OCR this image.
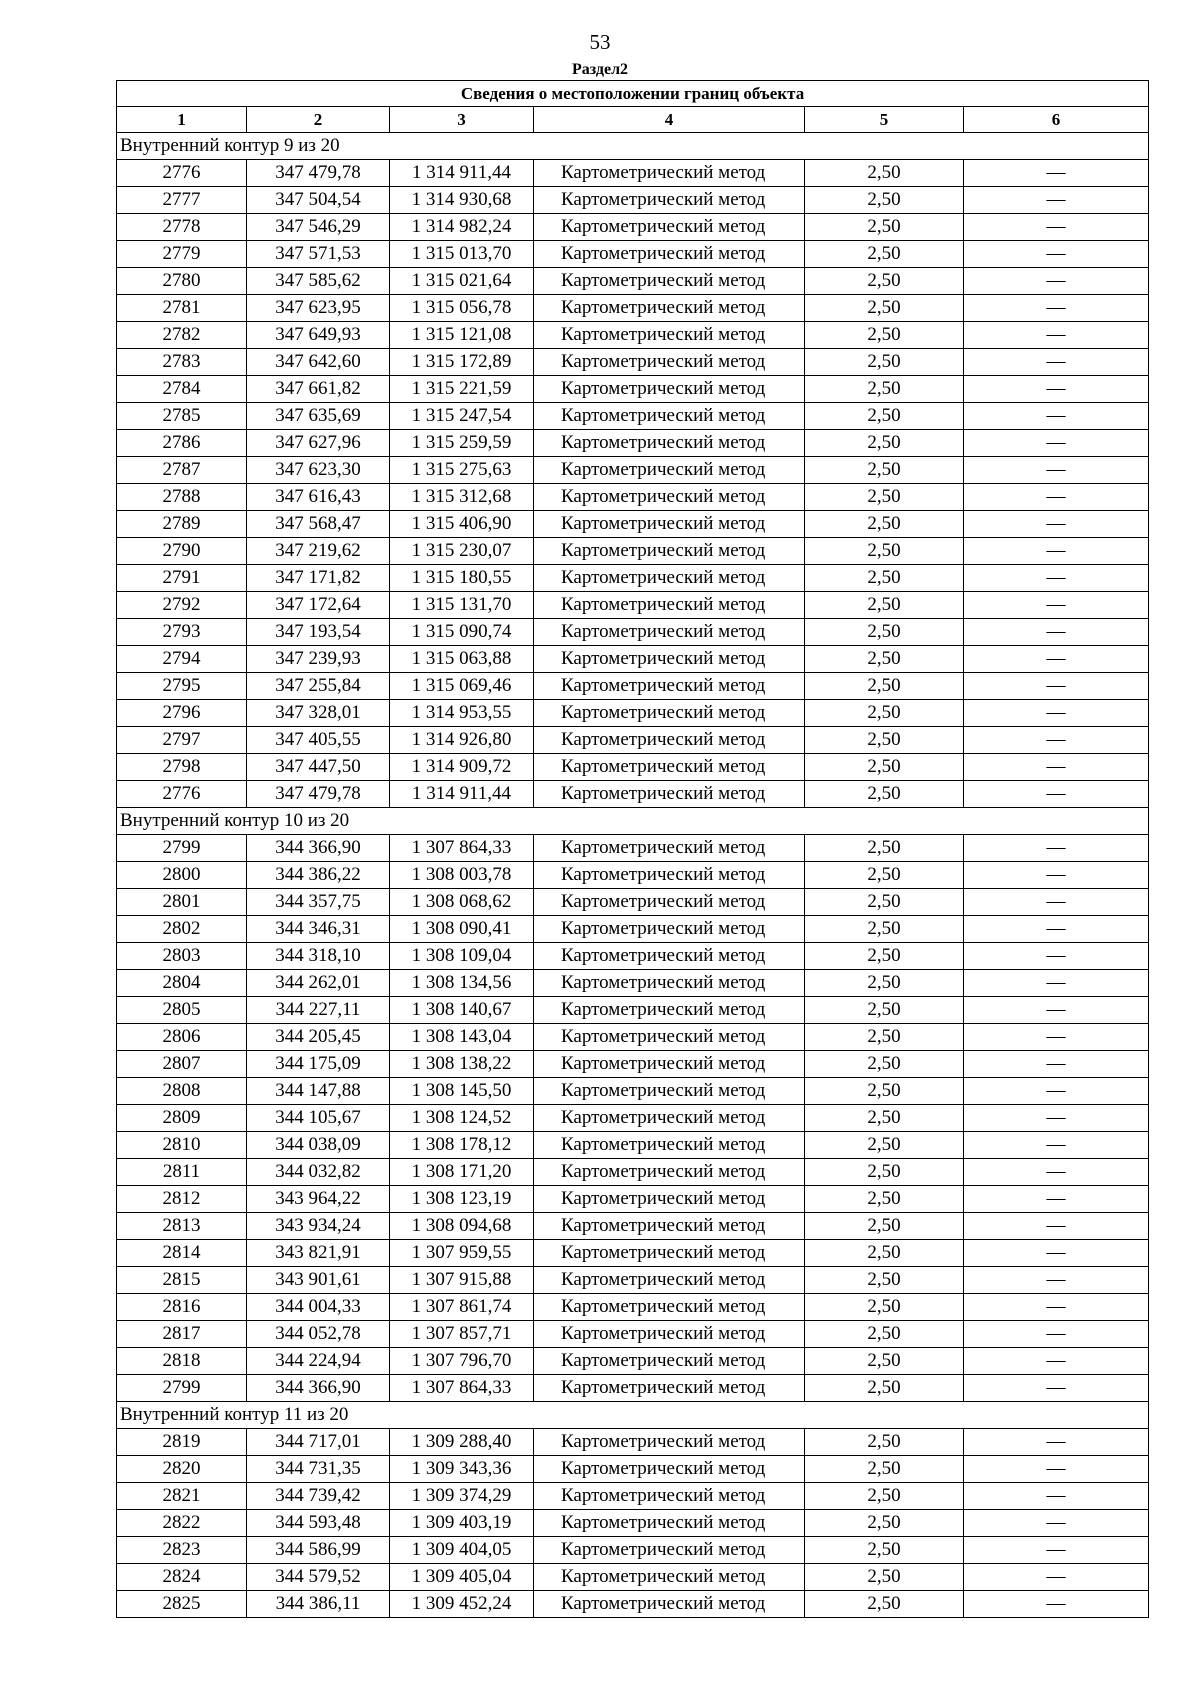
53
Раздел2
Сведения о местоположении границ объекта					
1	2	3	4	5	6
Внутренний контур 9 из 20					
2776	347 479,78	1 314 911,44	Картометрический метод	2,50	—
2777	347 504,54	1 314 930,68	Картометрический метод	2,50	—
2778	347 546,29	1 314 982,24	Картометрический метод	2,50	—
2779	347 571,53	1 315 013,70	Картометрический метод	2,50	—
2780	347 585,62	1 315 021,64	Картометрический метод	2,50	—
2781	347 623,95	1 315 056,78	Картометрический метод	2,50	—
2782	347 649,93	1 315 121,08	Картометрический метод	2,50	—
2783	347 642,60	1 315 172,89	Картометрический метод	2,50	—
2784	347 661,82	1 315 221,59	Картометрический метод	2,50	—
2785	347 635,69	1 315 247,54	Картометрический метод	2,50	—
2786	347 627,96	1 315 259,59	Картометрический метод	2,50	—
2787	347 623,30	1 315 275,63	Картометрический метод	2,50	—
2788	347 616,43	1 315 312,68	Картометрический метод	2,50	—
2789	347 568,47	1 315 406,90	Картометрический метод	2,50	—
2790	347 219,62	1 315 230,07	Картометрический метод	2,50	—
2791	347 171,82	1 315 180,55	Картометрический метод	2,50	—
2792	347 172,64	1 315 131,70	Картометрический метод	2,50	—
2793	347 193,54	1 315 090,74	Картометрический метод	2,50	—
2794	347 239,93	1 315 063,88	Картометрический метод	2,50	—
2795	347 255,84	1 315 069,46	Картометрический метод	2,50	—
2796	347 328,01	1 314 953,55	Картометрический метод	2,50	—
2797	347 405,55	1 314 926,80	Картометрический метод	2,50	—
2798	347 447,50	1 314 909,72	Картометрический метод	2,50	—
2776	347 479,78	1 314 911,44	Картометрический метод	2,50	—
Внутренний контур 10 из 20					
2799	344 366,90	1 307 864,33	Картометрический метод	2,50	—
2800	344 386,22	1 308 003,78	Картометрический метод	2,50	—
2801	344 357,75	1 308 068,62	Картометрический метод	2,50	—
2802	344 346,31	1 308 090,41	Картометрический метод	2,50	—
2803	344 318,10	1 308 109,04	Картометрический метод	2,50	—
2804	344 262,01	1 308 134,56	Картометрический метод	2,50	—
2805	344 227,11	1 308 140,67	Картометрический метод	2,50	—
2806	344 205,45	1 308 143,04	Картометрический метод	2,50	—
2807	344 175,09	1 308 138,22	Картометрический метод	2,50	—
2808	344 147,88	1 308 145,50	Картометрический метод	2,50	—
2809	344 105,67	1 308 124,52	Картометрический метод	2,50	—
2810	344 038,09	1 308 178,12	Картометрический метод	2,50	—
2811	344 032,82	1 308 171,20	Картометрический метод	2,50	—
2812	343 964,22	1 308 123,19	Картометрический метод	2,50	—
2813	343 934,24	1 308 094,68	Картометрический метод	2,50	—
2814	343 821,91	1 307 959,55	Картометрический метод	2,50	—
2815	343 901,61	1 307 915,88	Картометрический метод	2,50	—
2816	344 004,33	1 307 861,74	Картометрический метод	2,50	—
2817	344 052,78	1 307 857,71	Картометрический метод	2,50	—
2818	344 224,94	1 307 796,70	Картометрический метод	2,50	—
2799	344 366,90	1 307 864,33	Картометрический метод	2,50	—
Внутренний контур 11 из 20					
2819	344 717,01	1 309 288,40	Картометрический метод	2,50	—
2820	344 731,35	1 309 343,36	Картометрический метод	2,50	—
2821	344 739,42	1 309 374,29	Картометрический метод	2,50	—
2822	344 593,48	1 309 403,19	Картометрический метод	2,50	—
2823	344 586,99	1 309 404,05	Картометрический метод	2,50	—
2824	344 579,52	1 309 405,04	Картометрический метод	2,50	—
2825	344 386,11	1 309 452,24	Картометрический метод	2,50	—
